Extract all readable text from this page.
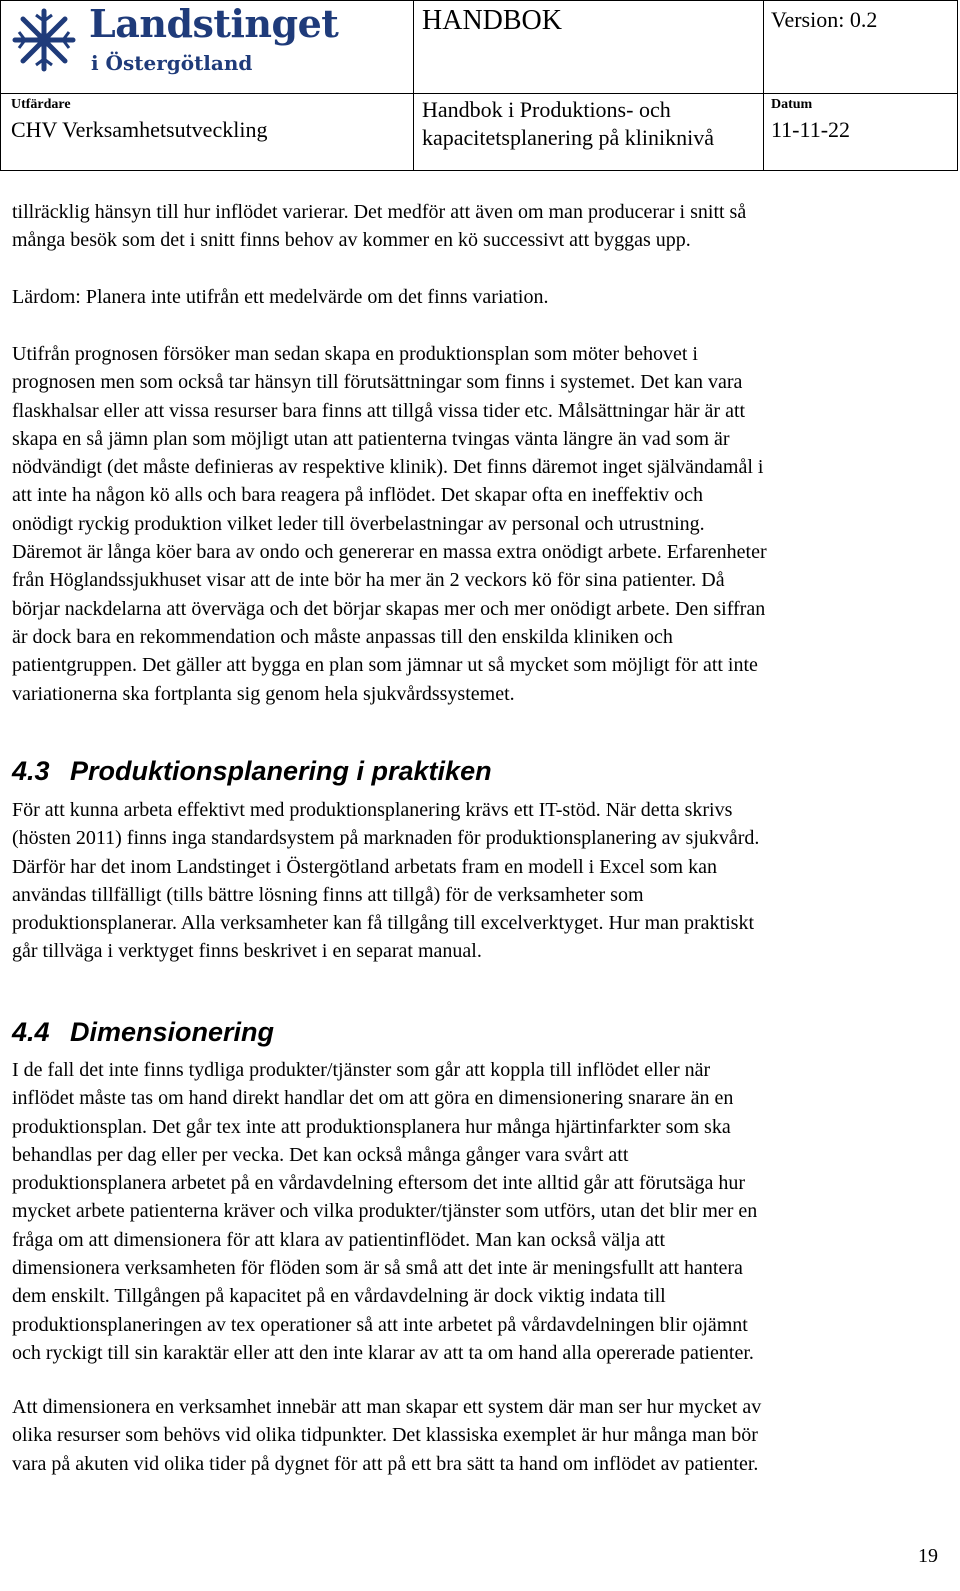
Landstinget
i Östergötland
HANDBOK	Version: 0.2
Utfärdare
CHV Verksamhetsutveckling
Handbok i Produktions- och
kapacitetsplanering på kliniknivå
Datum
11-11-22

tillräcklig hänsyn till hur inflödet varierar. Det medför att även om man producerar i snitt så

många besök som det i snitt finns behov av kommer en kö successivt att byggas upp.

Lärdom: Planera inte utifrån ett medelvärde om det finns variation.

Utifrån prognosen försöker man sedan skapa en produktionsplan som möter behovet i

prognosen men som också tar hänsyn till förutsättningar som finns i systemet. Det kan vara

flaskhalsar eller att vissa resurser bara finns att tillgå vissa tider etc. Målsättningar här är att

skapa en så jämn plan som möjligt utan att patienterna tvingas vänta längre än vad som är

nödvändigt (det måste definieras av respektive klinik). Det finns däremot inget självändamål i

att inte ha någon kö alls och bara reagera på inflödet. Det skapar ofta en ineffektiv och

onödigt ryckig produktion vilket leder till överbelastningar av personal och utrustning.

Däremot är långa köer bara av ondo och genererar en massa extra onödigt arbete. Erfarenheter

från Höglandssjukhuset visar att de inte bör ha mer än 2 veckors kö för sina patienter. Då

börjar nackdelarna att överväga och det börjar skapas mer och mer onödigt arbete. Den siffran

är dock bara en rekommendation och måste anpassas till den enskilda kliniken och

patientgruppen. Det gäller att bygga en plan som jämnar ut så mycket som möjligt för att inte

variationerna ska fortplanta sig genom hela sjukvårdssystemet.

4.3 Produktionsplanering i praktiken

För att kunna arbeta effektivt med produktionsplanering krävs ett IT-stöd. När detta skrivs

(hösten 2011) finns inga standardsystem på marknaden för produktionsplanering av sjukvård.

Därför har det inom Landstinget i Östergötland arbetats fram en modell i Excel som kan

användas tillfälligt (tills bättre lösning finns att tillgå) för de verksamheter som

produktionsplanerar. Alla verksamheter kan få tillgång till excelverktyget. Hur man praktiskt

går tillväga i verktyget finns beskrivet i en separat manual.

4.4 Dimensionering

I de fall det inte finns tydliga produkter/tjänster som går att koppla till inflödet eller när

inflödet måste tas om hand direkt handlar det om att göra en dimensionering snarare än en

produktionsplan. Det går tex inte att produktionsplanera hur många hjärtinfarkter som ska

behandlas per dag eller per vecka. Det kan också många gånger vara svårt att

produktionsplanera arbetet på en vårdavdelning eftersom det inte alltid går att förutsäga hur

mycket arbete patienterna kräver och vilka produkter/tjänster som utförs, utan det blir mer en

fråga om att dimensionera för att klara av patientinflödet. Man kan också välja att

dimensionera verksamheten för flöden som är så små att det inte är meningsfullt att hantera

dem enskilt. Tillgången på kapacitet på en vårdavdelning är dock viktig indata till

produktionsplaneringen av tex operationer så att inte arbetet på vårdavdelningen blir ojämnt

och ryckigt till sin karaktär eller att den inte klarar av att ta om hand alla opererade patienter.

Att dimensionera en verksamhet innebär att man skapar ett system där man ser hur mycket av

olika resurser som behövs vid olika tidpunkter. Det klassiska exemplet är hur många man bör

vara på akuten vid olika tider på dygnet för att på ett bra sätt ta hand om inflödet av patienter.

19
